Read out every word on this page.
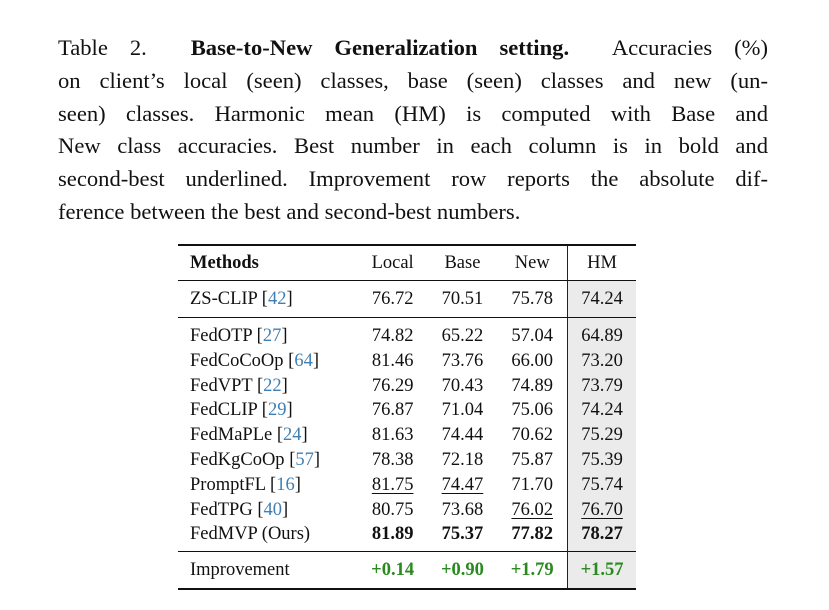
Table 2. Base-to-New Generalization setting. Accuracies (%)
on client’s local (seen) classes, base (seen) classes and new (un-
seen) classes. Harmonic mean (HM) is computed with Base and
New class accuracies. Best number in each column is in bold and
second-best underlined. Improvement row reports the absolute dif-
ference between the best and second-best numbers.
Methods	Local	Base	New	HM
ZS-CLIP [42]	76.72	70.51	75.78	74.24
FedOTP [27]	74.82	65.22	57.04	64.89
FedCoCoOp [64]	81.46	73.76	66.00	73.20
FedVPT [22]	76.29	70.43	74.89	73.79
FedCLIP [29]	76.87	71.04	75.06	74.24
FedMaPLe [24]	81.63	74.44	70.62	75.29
FedKgCoOp [57]	78.38	72.18	75.87	75.39
PromptFL [16]	81.75	74.47	71.70	75.74
FedTPG [40]	80.75	73.68	76.02	76.70
FedMVP (Ours)	81.89	75.37	77.82	78.27
Improvement	+0.14	+0.90	+1.79	+1.57
